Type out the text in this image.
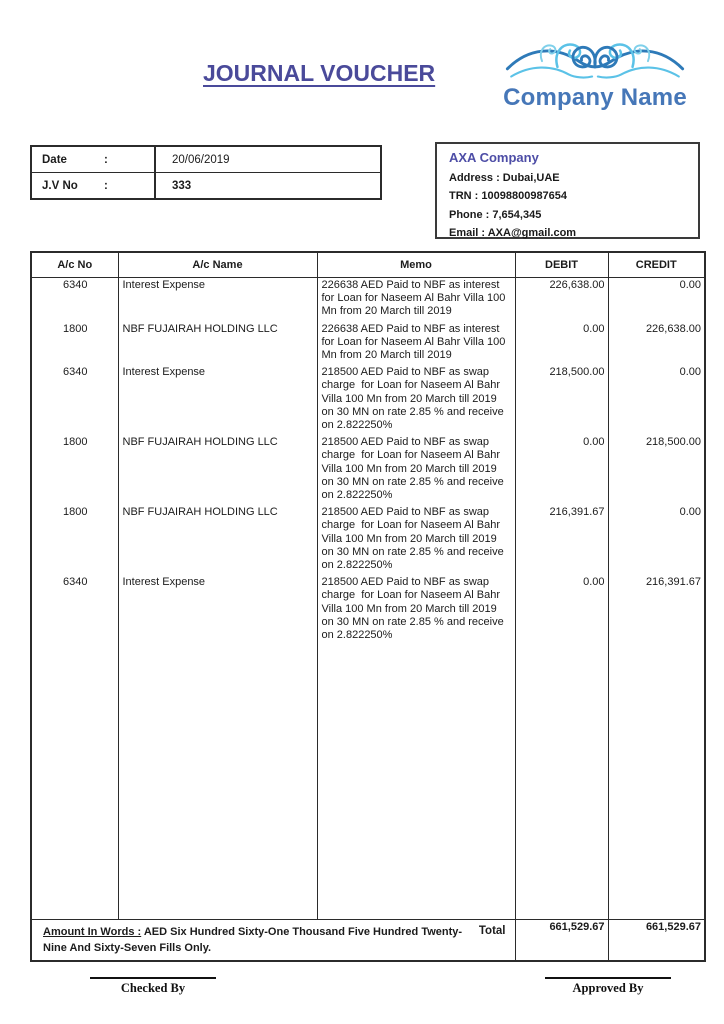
JOURNAL VOUCHER
Company Name
Date	:	20/06/2019
J.V No :	333
AXA Company
Address : Dubai,UAE
TRN : 10098800987654
Phone : 7,654,345
Email : AXA@gmail.com
A/c No	A/c Name	Memo	DEBIT	CREDIT
6340	Interest Expense	226638 AED Paid to NBF as interest for Loan for Naseem Al Bahr Villa 100 Mn from 20 March till 2019	226,638.00	0.00
1800	NBF FUJAIRAH HOLDING LLC	226638 AED Paid to NBF as interest for Loan for Naseem Al Bahr Villa 100 Mn from 20 March till 2019	0.00	226,638.00
6340	Interest Expense	218500 AED Paid to NBF as swap charge  for Loan for Naseem Al Bahr Villa 100 Mn from 20 March till 2019 on 30 MN on rate 2.85 % and receive on 2.822250%	218,500.00	0.00
1800	NBF FUJAIRAH HOLDING LLC	218500 AED Paid to NBF as swap charge  for Loan for Naseem Al Bahr Villa 100 Mn from 20 March till 2019 on 30 MN on rate 2.85 % and receive on 2.822250%	0.00	218,500.00
1800	NBF FUJAIRAH HOLDING LLC	218500 AED Paid to NBF as swap charge  for Loan for Naseem Al Bahr Villa 100 Mn from 20 March till 2019 on 30 MN on rate 2.85 % and receive on 2.822250%	216,391.67	0.00
6340	Interest Expense	218500 AED Paid to NBF as swap charge  for Loan for Naseem Al Bahr Villa 100 Mn from 20 March till 2019 on 30 MN on rate 2.85 % and receive on 2.822250%	0.00	216,391.67

Amount In Words : AED Six Hundred Sixty-One Thousand Five Hundred Twenty-Nine And Sixty-Seven Fills Only.
Total			661,529.67	661,529.67
Checked By	Approved By
